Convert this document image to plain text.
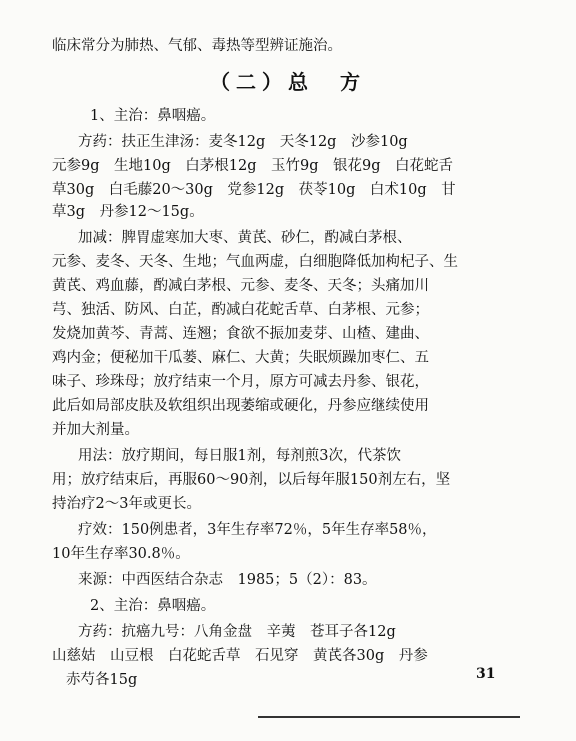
临床常分为肺热、气郁、毒热等型辨证施治。
（二）总　方
1、主治：鼻咽癌。
方药：扶正生津汤：麦冬12g　天冬12g　沙参10g
元参9g　生地10g　白茅根12g　玉竹9g　银花9g　白花蛇舌
草30g　白毛藤20～30g　党参12g　茯苓10g　白术10g　甘
草3g　丹参12～15g。
加减：脾胃虚寒加大枣、黄芪、砂仁，酌减白茅根、
元参、麦冬、天冬、生地；气血两虚，白细胞降低加枸杞子、生
黄芪、鸡血藤，酌减白茅根、元参、麦冬、天冬；头痛加川
芎、独活、防风、白芷，酌减白花蛇舌草、白茅根、元参；
发烧加黄芩、青蒿、连翘；食欲不振加麦芽、山楂、建曲、
鸡内金；便秘加干瓜蒌、麻仁、大黄；失眠烦躁加枣仁、五
味子、珍珠母；放疗结束一个月，原方可减去丹参、银花，
此后如局部皮肤及软组织出现萎缩或硬化，丹参应继续使用
并加大剂量。
用法：放疗期间，每日服1剂，每剂煎3次，代茶饮
用；放疗结束后，再服60～90剂，以后每年服150剂左右，坚
持治疗2～3年或更长。
疗效：150例患者，3年生存率72％，5年生存率58％，
10年生存率30.8％。
来源：中西医结合杂志　1985；5（2）：83。
2、主治：鼻咽癌。
方药：抗癌九号：八角金盘　辛荑　苍耳子各12g
山慈姑　山豆根　白花蛇舌草　石见穿　黄芪各30g　丹参
赤芍各15g	31
